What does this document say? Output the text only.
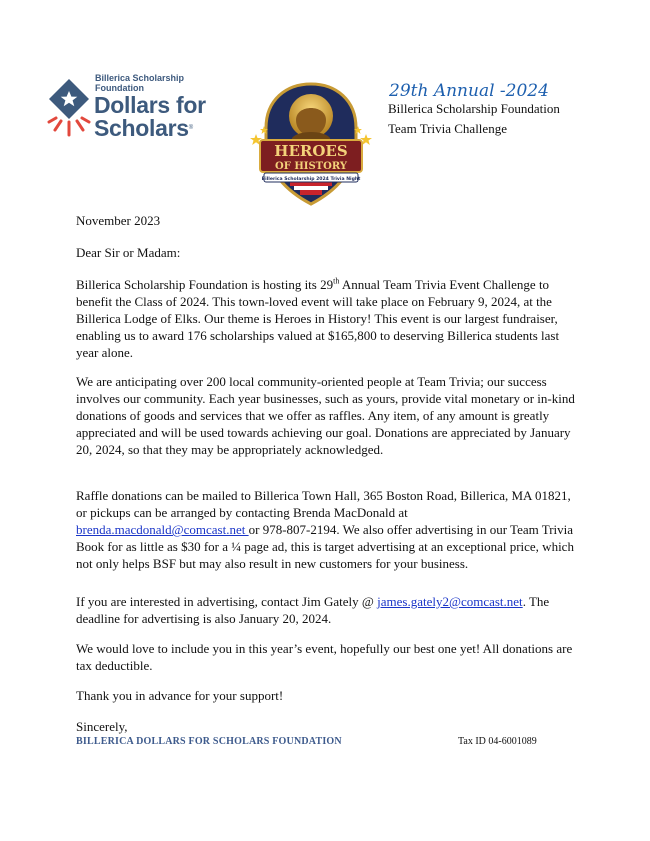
Billerica Scholarship
Foundation
Dollars for
Scholars®
HEROES
OF HISTORY
Billerica Scholarship 2024 Trivia Night
29th Annual -2024
Billerica Scholarship Foundation
Team Trivia Challenge
November 2023
Dear Sir or Madam:

Billerica Scholarship Foundation is hosting its 29th Annual Team Trivia Event Challenge to benefit the Class of 2024. This town-loved event will take place on February 9, 2024, at the Billerica Lodge of Elks. Our theme is Heroes in History! This event is our largest fundraiser, enabling us to award 176 scholarships valued at $165,800 to deserving Billerica students last year alone.

We are anticipating over 200 local community-oriented people at Team Trivia; our success involves our community. Each year businesses, such as yours, provide vital monetary or in-kind donations of goods and services that we offer as raffles. Any item, of any amount is greatly appreciated and will be used towards achieving our goal. Donations are appreciated by January 20, 2024, so that they may be appropriately acknowledged.

Raffle donations can be mailed to Billerica Town Hall, 365 Boston Road, Billerica, MA 01821, or pickups can be arranged by contacting Brenda MacDonald at brenda.macdonald@comcast.net or 978-807-2194. We also offer advertising in our Team Trivia Book for as little as $30 for a ¼ page ad, this is target advertising at an exceptional price, which not only helps BSF but may also result in new customers for your business.

If you are interested in advertising, contact Jim Gately @ james.gately2@comcast.net. The deadline for advertising is also January 20, 2024.

We would love to include you in this year’s event, hopefully our best one yet! All donations are tax deductible.

Thank you in advance for your support!
Sincerely,
BILLERICA DOLLARS FOR SCHOLARS FOUNDATION	Tax ID 04-6001089
